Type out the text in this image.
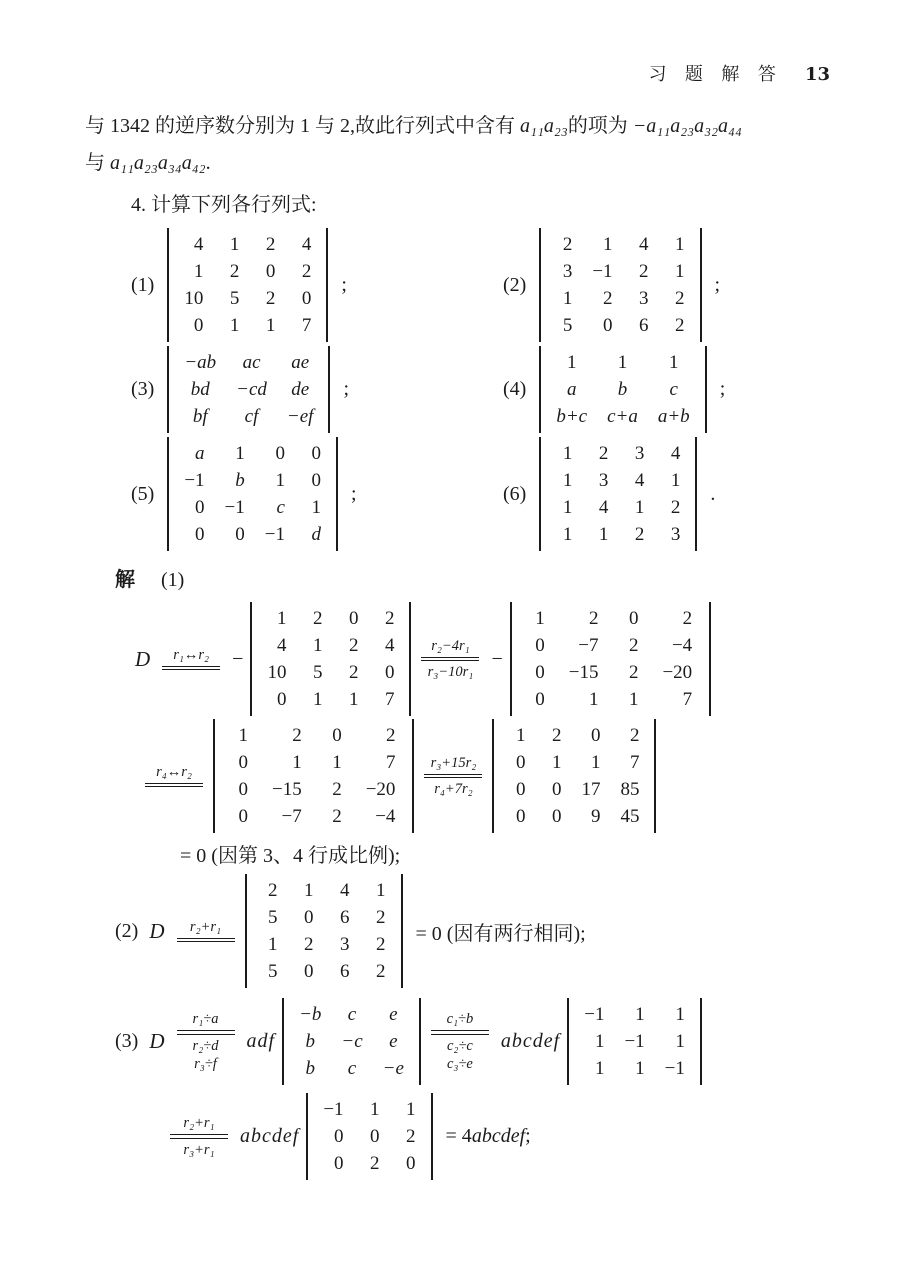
习 题 解 答 13
与 1342 的逆序数分别为 1 与 2,故此行列式中含有 a₁₁a₂₃的项为 −a₁₁a₂₃a₃₂a₄₄
与 a₁₁a₂₃a₃₄a₄₂.
4. 计算下列各行列式:
(1)
4	1	2	4
1	2	0	2
10	5	2	0
0	1	1	7
;	(2)
2	1	4	1
3	−1	2	1
1	2	3	2
5	0	6	2
;
(3)
−ab	ac	ae
bd	−cd	de
bf	cf	−ef
;	(4)
1	1	1
a	b	c
b+c	c+a	a+b
;
(5)
a	1	0	0
−1	b	1	0
0	−1	c	1
0	0	−1	d
;	(6)
1	2	3	4
1	3	4	1
1	4	1	2
1	1	2	3
.
解 (1)
D r₁↔r₂ −
1	2	0	2
4	1	2	4
10	5	2	0
0	1	1	7
r₂−4r₁
r₃−10r₁
−
1	2	0	2
0	−7	2	−4
0	−15	2	−20
0	1	1	7
r₄↔r₂
1	2	0	2
0	1	1	7
0	−15	2	−20
0	−7	2	−4
r₃+15r₂
r₄+7r₂
1	2	0	2
0	1	1	7
0	0	17	85
0	0	9	45
= 0 (因第 3、4 行成比例);
(2) D r₂+r₁
2	1	4	1
5	0	6	2
1	2	3	2
5	0	6	2
= 0 (因有两行相同);
(3) D
r₁÷a
r₂÷d
r₃÷f
adf
−b	c	e
b	−c	e
b	c	−e
c₁÷b
c₂÷c
c₃÷e
abcdef
−1	1	1
1	−1	1
1	1	−1
r₂+r₁
r₃+r₁
abcdef
−1	1	1
0	0	2
0	2	0
= 4abcdef;
